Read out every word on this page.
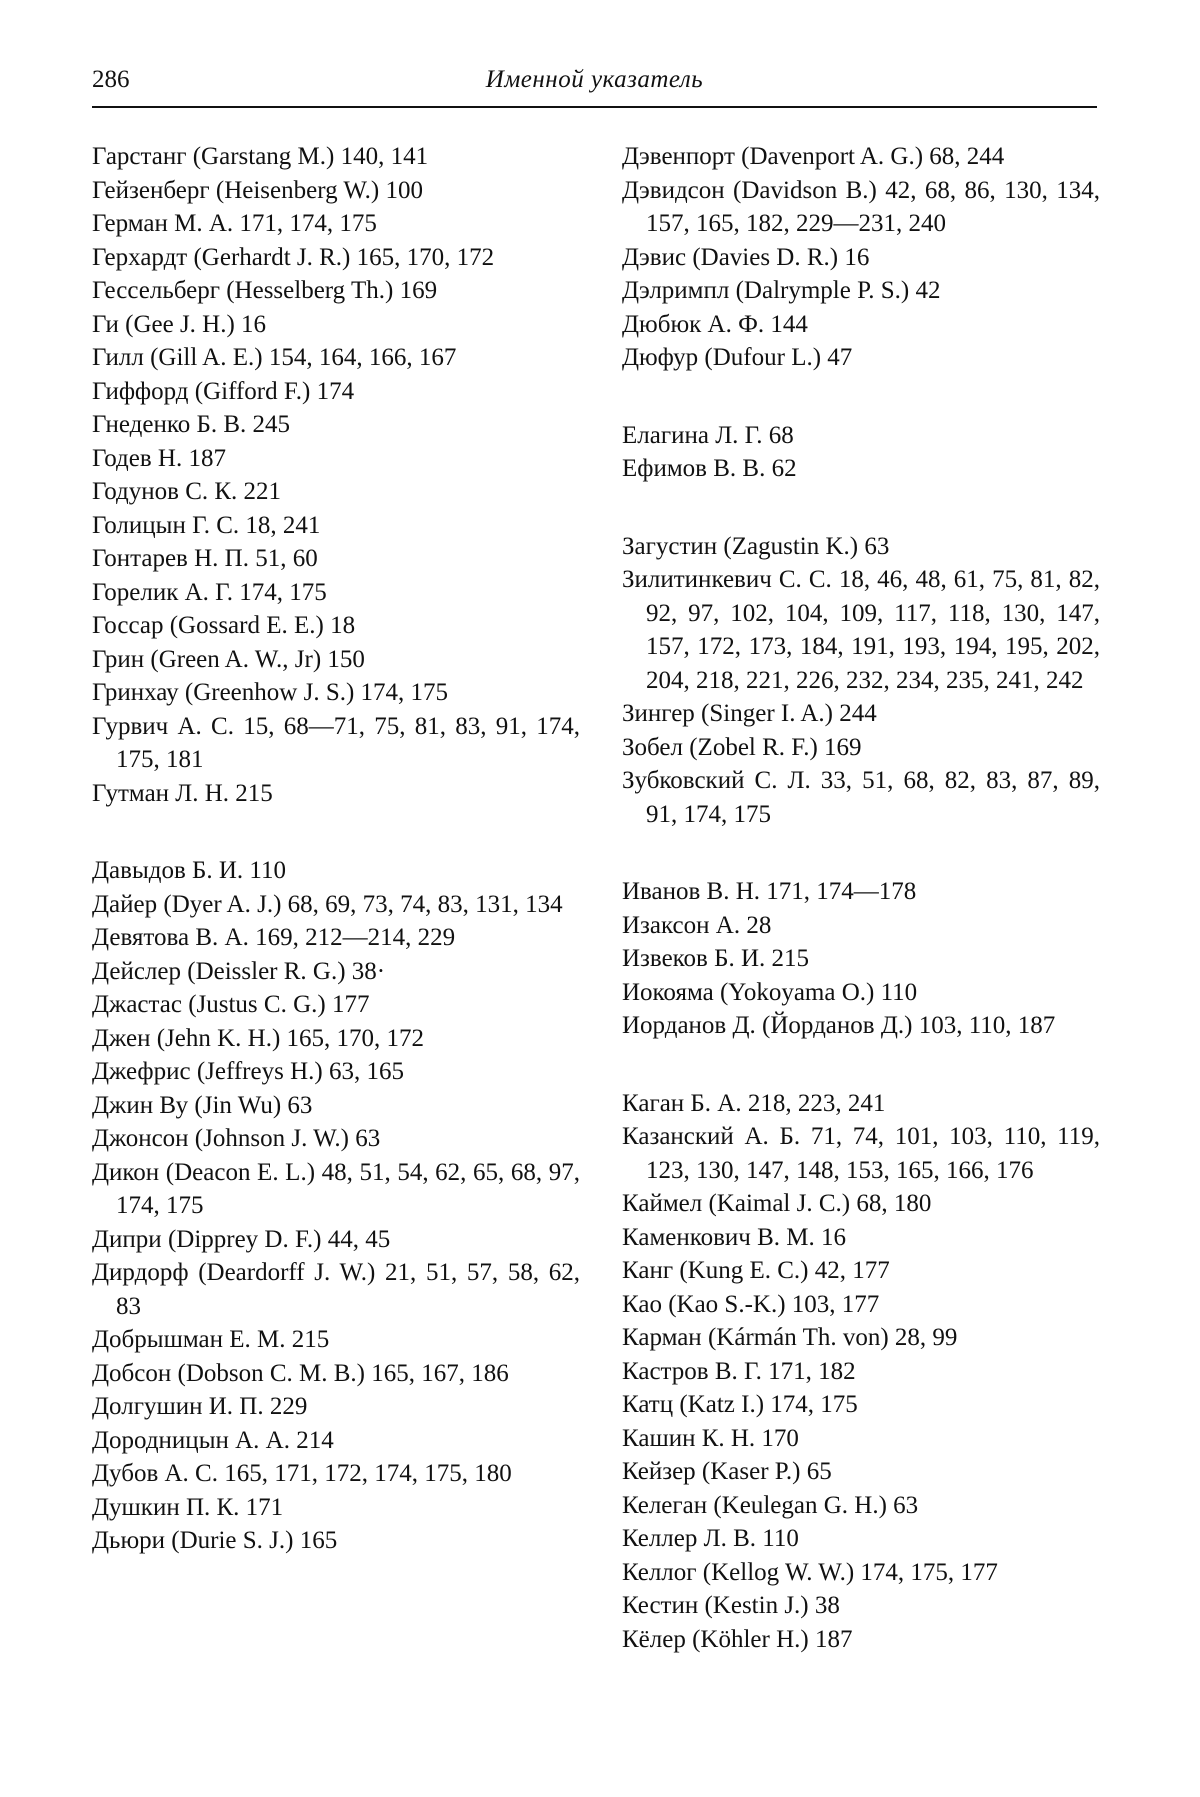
286	Именной указатель
Гарстанг (Garstang M.) 140, 141
Гейзенберг (Heisenberg W.) 100
Герман М. А. 171, 174, 175
Герхардт (Gerhardt J. R.) 165, 170, 172
Гессельберг (Hesselberg Th.) 169
Ги (Gee J. H.) 16
Гилл (Gill A. E.) 154, 164, 166, 167
Гиффорд (Gifford F.) 174
Гнеденко Б. В. 245
Годев Н. 187
Годунов С. К. 221
Голицын Г. С. 18, 241
Гонтарев Н. П. 51, 60
Горелик А. Г. 174, 175
Госсар (Gossard E. E.) 18
Грин (Green A. W., Jr) 150
Гринхау (Greenhow J. S.) 174, 175
Гурвич А. С. 15, 68—71, 75, 81, 83, 91, 174, 175, 181
Гутман Л. Н. 215
Давыдов Б. И. 110
Дайер (Dyer A. J.) 68, 69, 73, 74, 83, 131, 134
Девятова В. А. 169, 212—214, 229
Дейслер (Deissler R. G.) 38·
Джастас (Justus C. G.) 177
Джен (Jehn K. H.) 165, 170, 172
Джефрис (Jeffreys H.) 63, 165
Джин Ву (Jin Wu) 63
Джонсон (Johnson J. W.) 63
Дикон (Deacon E. L.) 48, 51, 54, 62, 65, 68, 97, 174, 175
Дипри (Dipprey D. F.) 44, 45
Дирдорф (Deardorff J. W.) 21, 51, 57, 58, 62, 83
Добрышман Е. М. 215
Добсон (Dobson C. M. B.) 165, 167, 186
Долгушин И. П. 229
Дородницын А. А. 214
Дубов А. С. 165, 171, 172, 174, 175, 180
Душкин П. К. 171
Дьюри (Durie S. J.) 165
Дэвенпорт (Davenport A. G.) 68, 244
Дэвидсон (Davidson B.) 42, 68, 86, 130, 134, 157, 165, 182, 229—231, 240
Дэвис (Davies D. R.) 16
Дэлримпл (Dalrymple P. S.) 42
Дюбюк А. Ф. 144
Дюфур (Dufour L.) 47
Елагина Л. Г. 68
Ефимов В. В. 62
Загустин (Zagustin K.) 63
Зилитинкевич С. С. 18, 46, 48, 61, 75, 81, 82, 92, 97, 102, 104, 109, 117, 118, 130, 147, 157, 172, 173, 184, 191, 193, 194, 195, 202, 204, 218, 221, 226, 232, 234, 235, 241, 242
Зингер (Singer I. A.) 244
Зобел (Zobel R. F.) 169
Зубковский С. Л. 33, 51, 68, 82, 83, 87, 89, 91, 174, 175
Иванов В. Н. 171, 174—178
Изаксон А. 28
Извеков Б. И. 215
Иокояма (Yokoyama O.) 110
Иорданов Д. (Йорданов Д.) 103, 110, 187
Каган Б. А. 218, 223, 241
Казанский А. Б. 71, 74, 101, 103, 110, 119, 123, 130, 147, 148, 153, 165, 166, 176
Каймел (Kaimal J. C.) 68, 180
Каменкович В. М. 16
Канг (Kung E. C.) 42, 177
Као (Kao S.-K.) 103, 177
Карман (Kármán Th. von) 28, 99
Кастров В. Г. 171, 182
Катц (Katz I.) 174, 175
Кашин К. Н. 170
Кейзер (Kaser P.) 65
Келеган (Keulegan G. H.) 63
Келлер Л. В. 110
Келлог (Kellog W. W.) 174, 175, 177
Кестин (Kestin J.) 38
Кёлер (Köhler H.) 187
